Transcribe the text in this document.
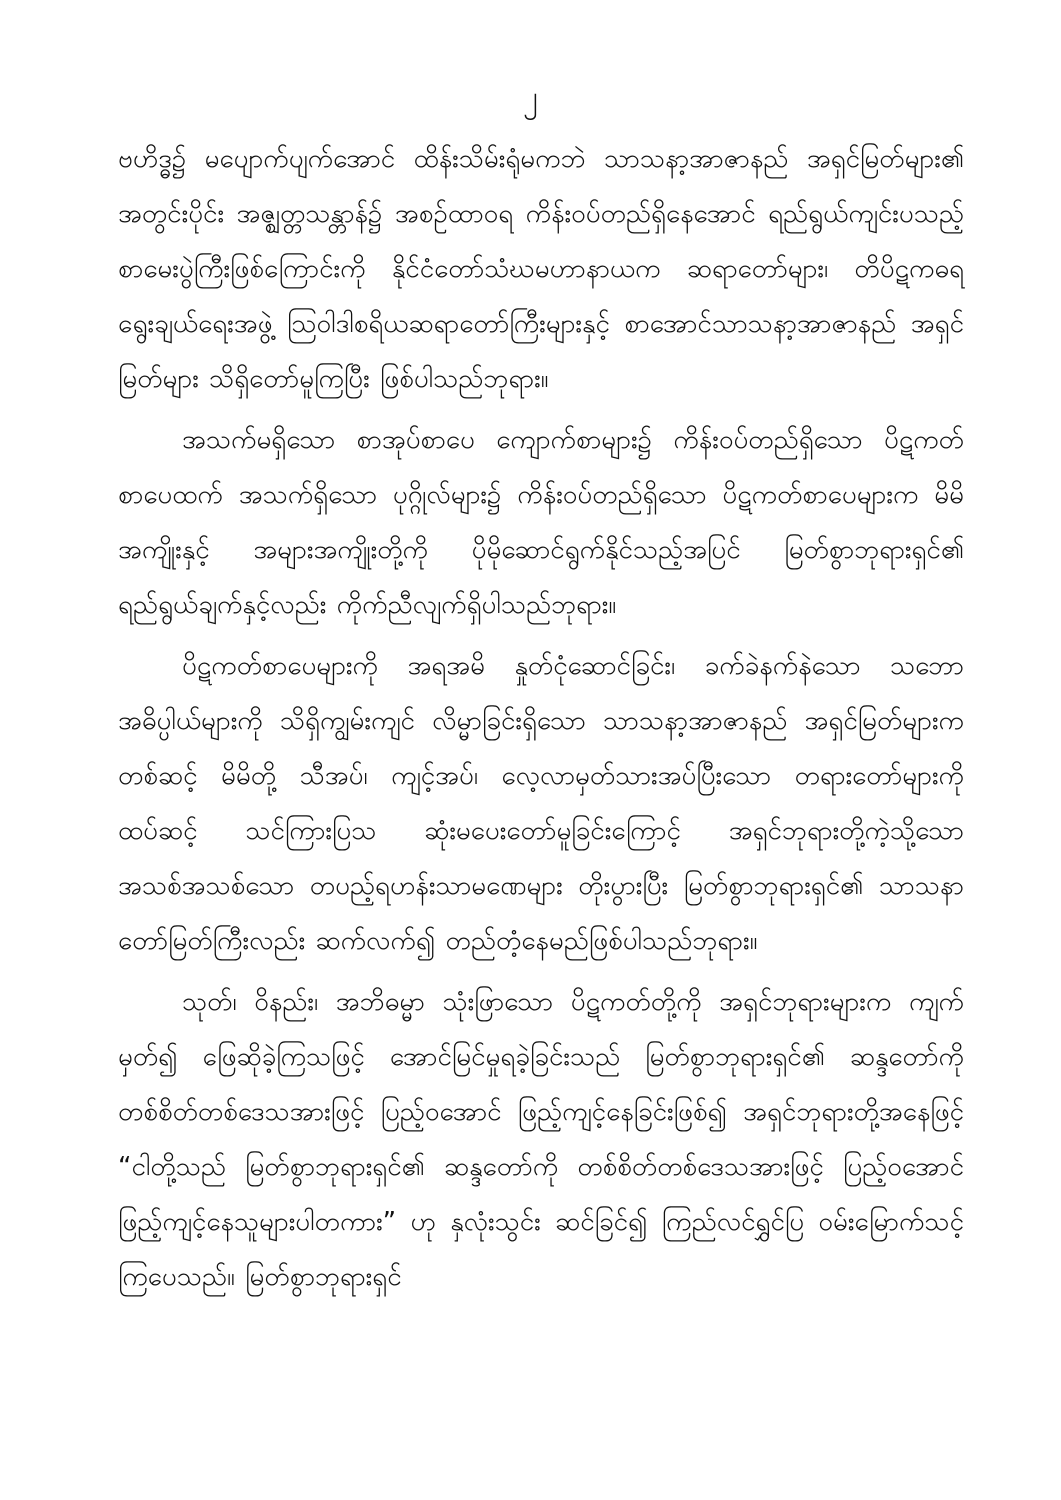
၂

ဗဟိဒ္ဓ၌ မပျောက်ပျက်အောင် ထိန်းသိမ်းရုံမကဘဲ သာသနာ့အာဇာနည် အရှင်မြတ်များ၏ အတွင်းပိုင်း အဇ္ဈတ္တသန္တာန်၌ အစဉ်ထာဝရ ကိန်းဝပ်တည်ရှိနေအောင် ရည်ရွယ်ကျင်းပသည့် စာမေးပွဲကြီးဖြစ်ကြောင်းကို နိုင်ငံတော်သံဃမဟာနာယက ဆရာတော်များ၊ တိပိဋကဓရ ရွေးချယ်ရေးအဖွဲ့ ဩဝါဒါစရိယဆရာတော်ကြီးများနှင့် စာအောင်သာသနာ့အာဇာနည် အရှင်မြတ်များ သိရှိတော်မူကြပြီး ဖြစ်ပါသည်ဘုရား။

အသက်မရှိသော စာအုပ်စာပေ ကျောက်စာများ၌ ကိန်းဝပ်တည်ရှိသော ပိဋကတ်စာပေထက် အသက်ရှိသော ပုဂ္ဂိုလ်များ၌ ကိန်းဝပ်တည်ရှိသော ပိဋကတ်စာပေများက မိမိအကျိုးနှင့် အများအကျိုးတို့ကို ပိုမိုဆောင်ရွက်နိုင်သည့်အပြင် မြတ်စွာဘုရားရှင်၏ ရည်ရွယ်ချက်နှင့်လည်း ကိုက်ညီလျက်ရှိပါသည်ဘုရား။

ပိဋကတ်စာပေများကို အရအမိ နှုတ်ငုံဆောင်ခြင်း၊ ခက်ခဲနက်နဲသော သဘောအဓိပ္ပါယ်များကို သိရှိကျွမ်းကျင် လိမ္မာခြင်းရှိသော သာသနာ့အာဇာနည် အရှင်မြတ်များကတစ်ဆင့် မိမိတို့ သီအပ်၊ ကျင့်အပ်၊ လေ့လာမှတ်သားအပ်ပြီးသော တရားတော်များကို ထပ်ဆင့် သင်ကြားပြသ ဆုံးမပေးတော်မူခြင်းကြောင့် အရှင်ဘုရားတို့ကဲ့သို့သော အသစ်အသစ်သော တပည့်ရဟန်းသာမဏေများ တိုးပွားပြီး မြတ်စွာဘုရားရှင်၏ သာသနာတော်မြတ်ကြီးလည်း ဆက်လက်၍ တည်တံ့နေမည်ဖြစ်ပါသည်ဘုရား။

သုတ်၊ ဝိနည်း၊ အဘိဓမ္မာ သုံးဖြာသော ပိဋကတ်တို့ကို အရှင်ဘုရားများက ကျက်မှတ်၍ ဖြေဆိုခဲ့ကြသဖြင့် အောင်မြင်မှုရခဲ့ခြင်းသည် မြတ်စွာဘုရားရှင်၏ ဆန္ဒတော်ကို တစ်စိတ်တစ်ဒေသအားဖြင့် ပြည့်ဝအောင် ဖြည့်ကျင့်နေခြင်းဖြစ်၍ အရှင်ဘုရားတို့အနေဖြင့် “ငါတို့သည် မြတ်စွာဘုရားရှင်၏ ဆန္ဒတော်ကို တစ်စိတ်တစ်ဒေသအားဖြင့် ပြည့်ဝအောင် ဖြည့်ကျင့်နေသူများပါတကား” ဟု နှလုံးသွင်း ဆင်ခြင်၍ ကြည်လင်ရွှင်ပြ ဝမ်းမြောက်သင့်ကြပေသည်။ မြတ်စွာဘုရားရှင်
